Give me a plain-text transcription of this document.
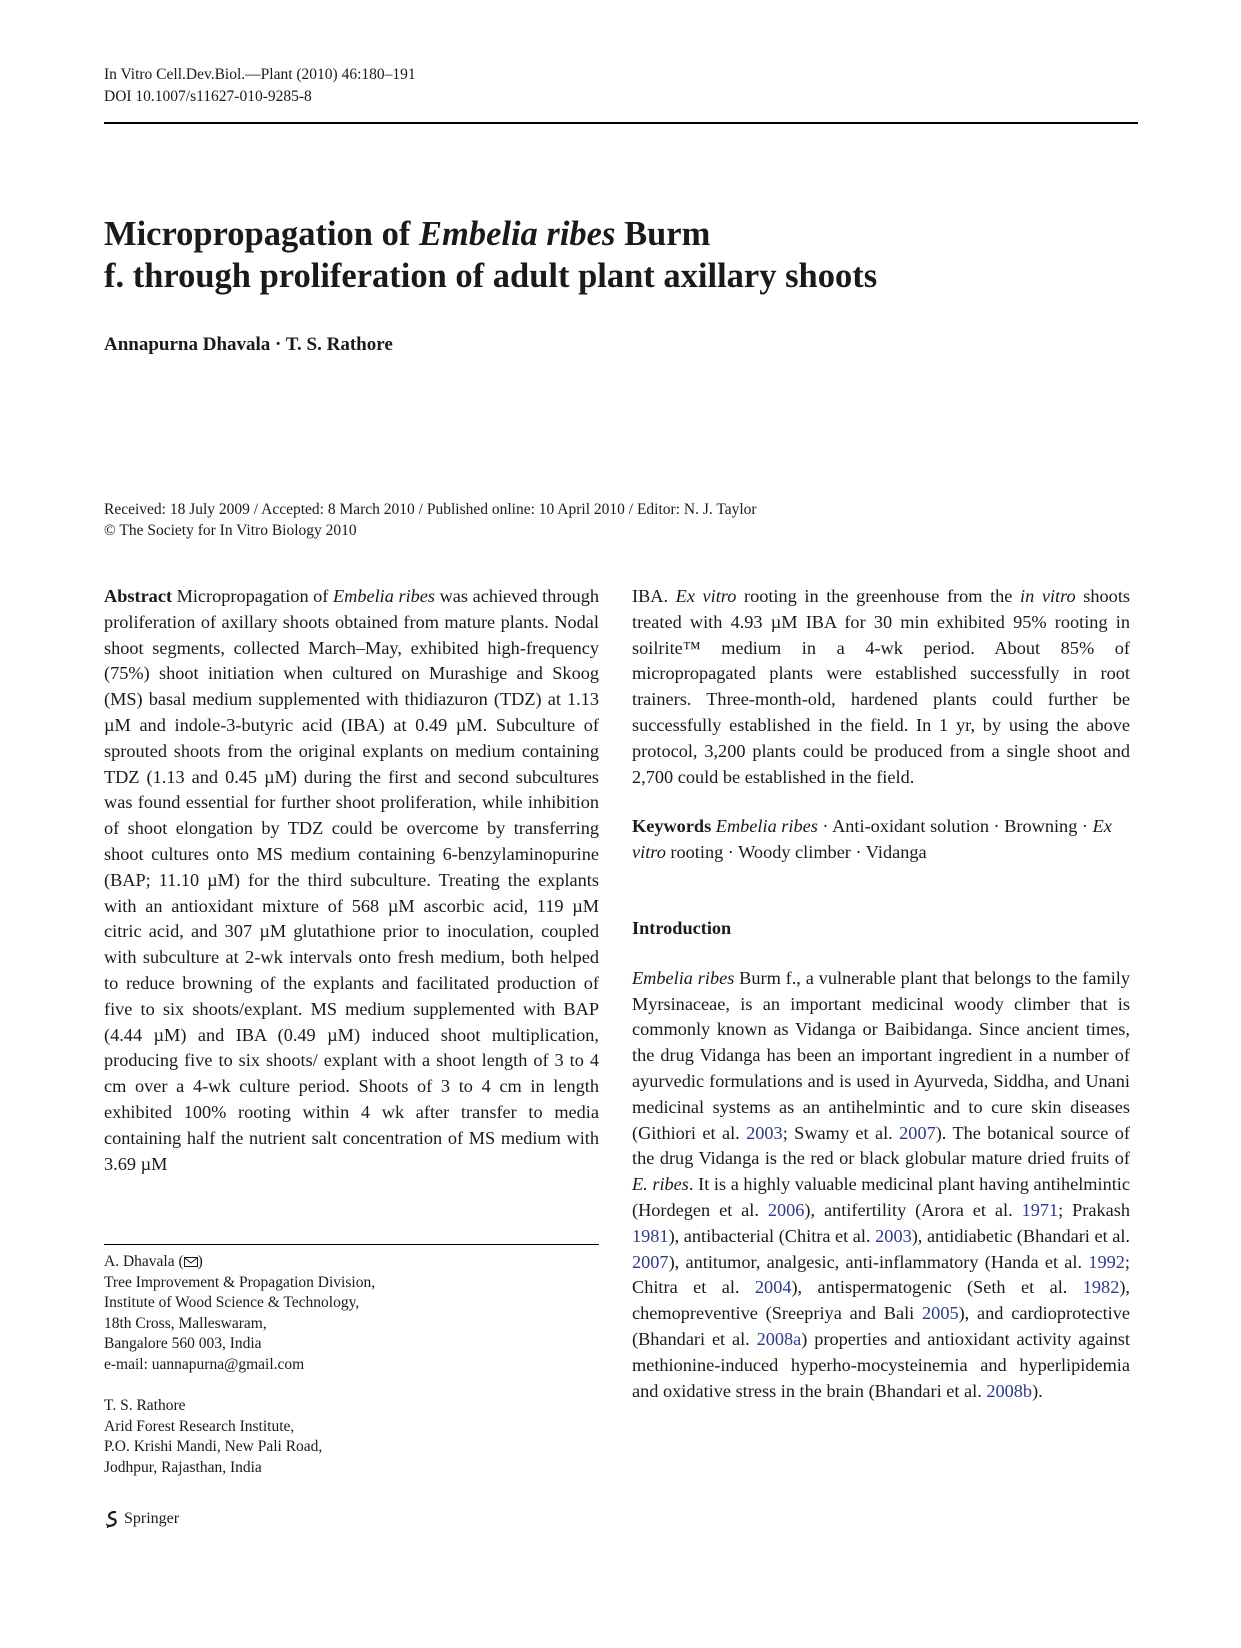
In Vitro Cell.Dev.Biol.—Plant (2010) 46:180–191
DOI 10.1007/s11627-010-9285-8
Micropropagation of Embelia ribes Burm
f. through proliferation of adult plant axillary shoots
Annapurna Dhavala · T. S. Rathore
Received: 18 July 2009 / Accepted: 8 March 2010 / Published online: 10 April 2010 / Editor: N. J. Taylor
© The Society for In Vitro Biology 2010

Abstract Micropropagation of Embelia ribes was achieved through proliferation of axillary shoots obtained from mature plants. Nodal shoot segments, collected March–May, exhibited high-frequency (75%) shoot initiation when cultured on Murashige and Skoog (MS) basal medium supplemented with thidiazuron (TDZ) at 1.13 µM and indole-3-butyric acid (IBA) at 0.49 µM. Subculture of sprouted shoots from the original explants on medium containing TDZ (1.13 and 0.45 µM) during the first and second subcultures was found essential for further shoot proliferation, while inhibition of shoot elongation by TDZ could be overcome by transferring shoot cultures onto MS medium containing 6-benzylaminopurine (BAP; 11.10 µM) for the third subculture. Treating the explants with an antioxidant mixture of 568 µM ascorbic acid, 119 µM citric acid, and 307 µM glutathione prior to inoculation, coupled with subculture at 2-wk intervals onto fresh medium, both helped to reduce browning of the explants and facilitated production of five to six shoots/explant. MS medium supplemented with BAP (4.44 µM) and IBA (0.49 µM) induced shoot multiplication, producing five to six shoots/ explant with a shoot length of 3 to 4 cm over a 4-wk culture period. Shoots of 3 to 4 cm in length exhibited 100% rooting within 4 wk after transfer to media containing half the nutrient salt concentration of MS medium with 3.69 µM

A. Dhavala ( )
Tree Improvement & Propagation Division,
Institute of Wood Science & Technology,
18th Cross, Malleswaram,
Bangalore 560 003, India
e-mail: uannapurna@gmail.com
T. S. Rathore
Arid Forest Research Institute,
P.O. Krishi Mandi, New Pali Road,
Jodhpur, Rajasthan, India
Springer

IBA. Ex vitro rooting in the greenhouse from the in vitro shoots treated with 4.93 µM IBA for 30 min exhibited 95% rooting in soilrite™ medium in a 4-wk period. About 85% of micropropagated plants were established successfully in root trainers. Three-month-old, hardened plants could further be successfully established in the field. In 1 yr, by using the above protocol, 3,200 plants could be produced from a single shoot and 2,700 could be established in the field.

Keywords Embelia ribes · Anti-oxidant solution · Browning · Ex vitro rooting · Woody climber · Vidanga

Introduction

Embelia ribes Burm f., a vulnerable plant that belongs to the family Myrsinaceae, is an important medicinal woody climber that is commonly known as Vidanga or Baibidanga. Since ancient times, the drug Vidanga has been an important ingredient in a number of ayurvedic formulations and is used in Ayurveda, Siddha, and Unani medicinal systems as an antihelmintic and to cure skin diseases (Githiori et al. 2003; Swamy et al. 2007). The botanical source of the drug Vidanga is the red or black globular mature dried fruits of E. ribes. It is a highly valuable medicinal plant having antihelmintic (Hordegen et al. 2006), antifertility (Arora et al. 1971; Prakash 1981), antibacterial (Chitra et al. 2003), antidiabetic (Bhandari et al. 2007), antitumor, analgesic, anti-inflammatory (Handa et al. 1992; Chitra et al. 2004), antispermatogenic (Seth et al. 1982), chemopreventive (Sreepriya and Bali 2005), and cardioprotective (Bhandari et al. 2008a) properties and antioxidant activity against methionine-induced hyperho-mocysteinemia and hyperlipidemia and oxidative stress in the brain (Bhandari et al. 2008b).
